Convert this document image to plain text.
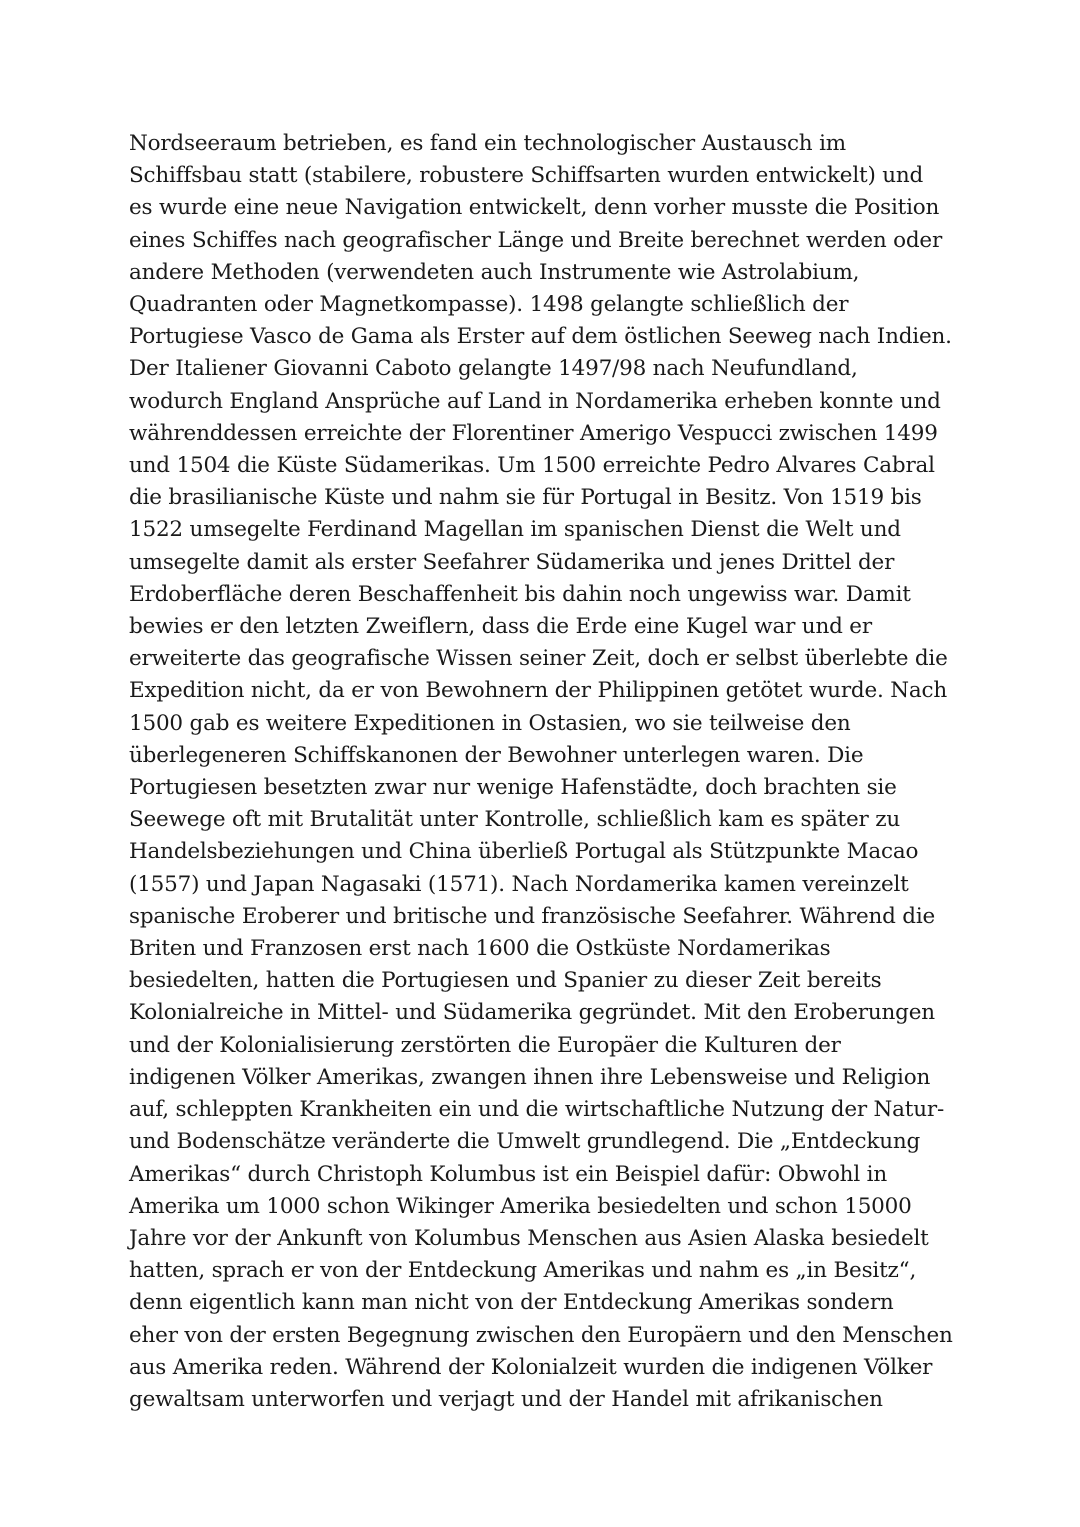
Nordseeraum betrieben, es fand ein technologischer Austausch im
Schiffsbau statt (stabilere, robustere Schiffsarten wurden entwickelt) und
es wurde eine neue Navigation entwickelt, denn vorher musste die Position
eines Schiffes nach geografischer Länge und Breite berechnet werden oder
andere Methoden (verwendeten auch Instrumente wie Astrolabium,
Quadranten oder Magnetkompasse). 1498 gelangte schließlich der
Portugiese Vasco de Gama als Erster auf dem östlichen Seeweg nach Indien.
Der Italiener Giovanni Caboto gelangte 1497/98 nach Neufundland,
wodurch England Ansprüche auf Land in Nordamerika erheben konnte und
währenddessen erreichte der Florentiner Amerigo Vespucci zwischen 1499
und 1504 die Küste Südamerikas. Um 1500 erreichte Pedro Alvares Cabral
die brasilianische Küste und nahm sie für Portugal in Besitz. Von 1519 bis
1522 umsegelte Ferdinand Magellan im spanischen Dienst die Welt und
umsegelte damit als erster Seefahrer Südamerika und jenes Drittel der
Erdoberfläche deren Beschaffenheit bis dahin noch ungewiss war. Damit
bewies er den letzten Zweiflern, dass die Erde eine Kugel war und er
erweiterte das geografische Wissen seiner Zeit, doch er selbst überlebte die
Expedition nicht, da er von Bewohnern der Philippinen getötet wurde. Nach
1500 gab es weitere Expeditionen in Ostasien, wo sie teilweise den
überlegeneren Schiffskanonen der Bewohner unterlegen waren. Die
Portugiesen besetzten zwar nur wenige Hafenstädte, doch brachten sie
Seewege oft mit Brutalität unter Kontrolle, schließlich kam es später zu
Handelsbeziehungen und China überließ Portugal als Stützpunkte Macao
(1557) und Japan Nagasaki (1571). Nach Nordamerika kamen vereinzelt
spanische Eroberer und britische und französische Seefahrer. Während die
Briten und Franzosen erst nach 1600 die Ostküste Nordamerikas
besiedelten, hatten die Portugiesen und Spanier zu dieser Zeit bereits
Kolonialreiche in Mittel- und Südamerika gegründet. Mit den Eroberungen
und der Kolonialisierung zerstörten die Europäer die Kulturen der
indigenen Völker Amerikas, zwangen ihnen ihre Lebensweise und Religion
auf, schleppten Krankheiten ein und die wirtschaftliche Nutzung der Natur-
und Bodenschätze veränderte die Umwelt grundlegend. Die „Entdeckung
Amerikas“ durch Christoph Kolumbus ist ein Beispiel dafür: Obwohl in
Amerika um 1000 schon Wikinger Amerika besiedelten und schon 15000
Jahre vor der Ankunft von Kolumbus Menschen aus Asien Alaska besiedelt
hatten, sprach er von der Entdeckung Amerikas und nahm es „in Besitz“,
denn eigentlich kann man nicht von der Entdeckung Amerikas sondern
eher von der ersten Begegnung zwischen den Europäern und den Menschen
aus Amerika reden. Während der Kolonialzeit wurden die indigenen Völker
gewaltsam unterworfen und verjagt und der Handel mit afrikanischen
